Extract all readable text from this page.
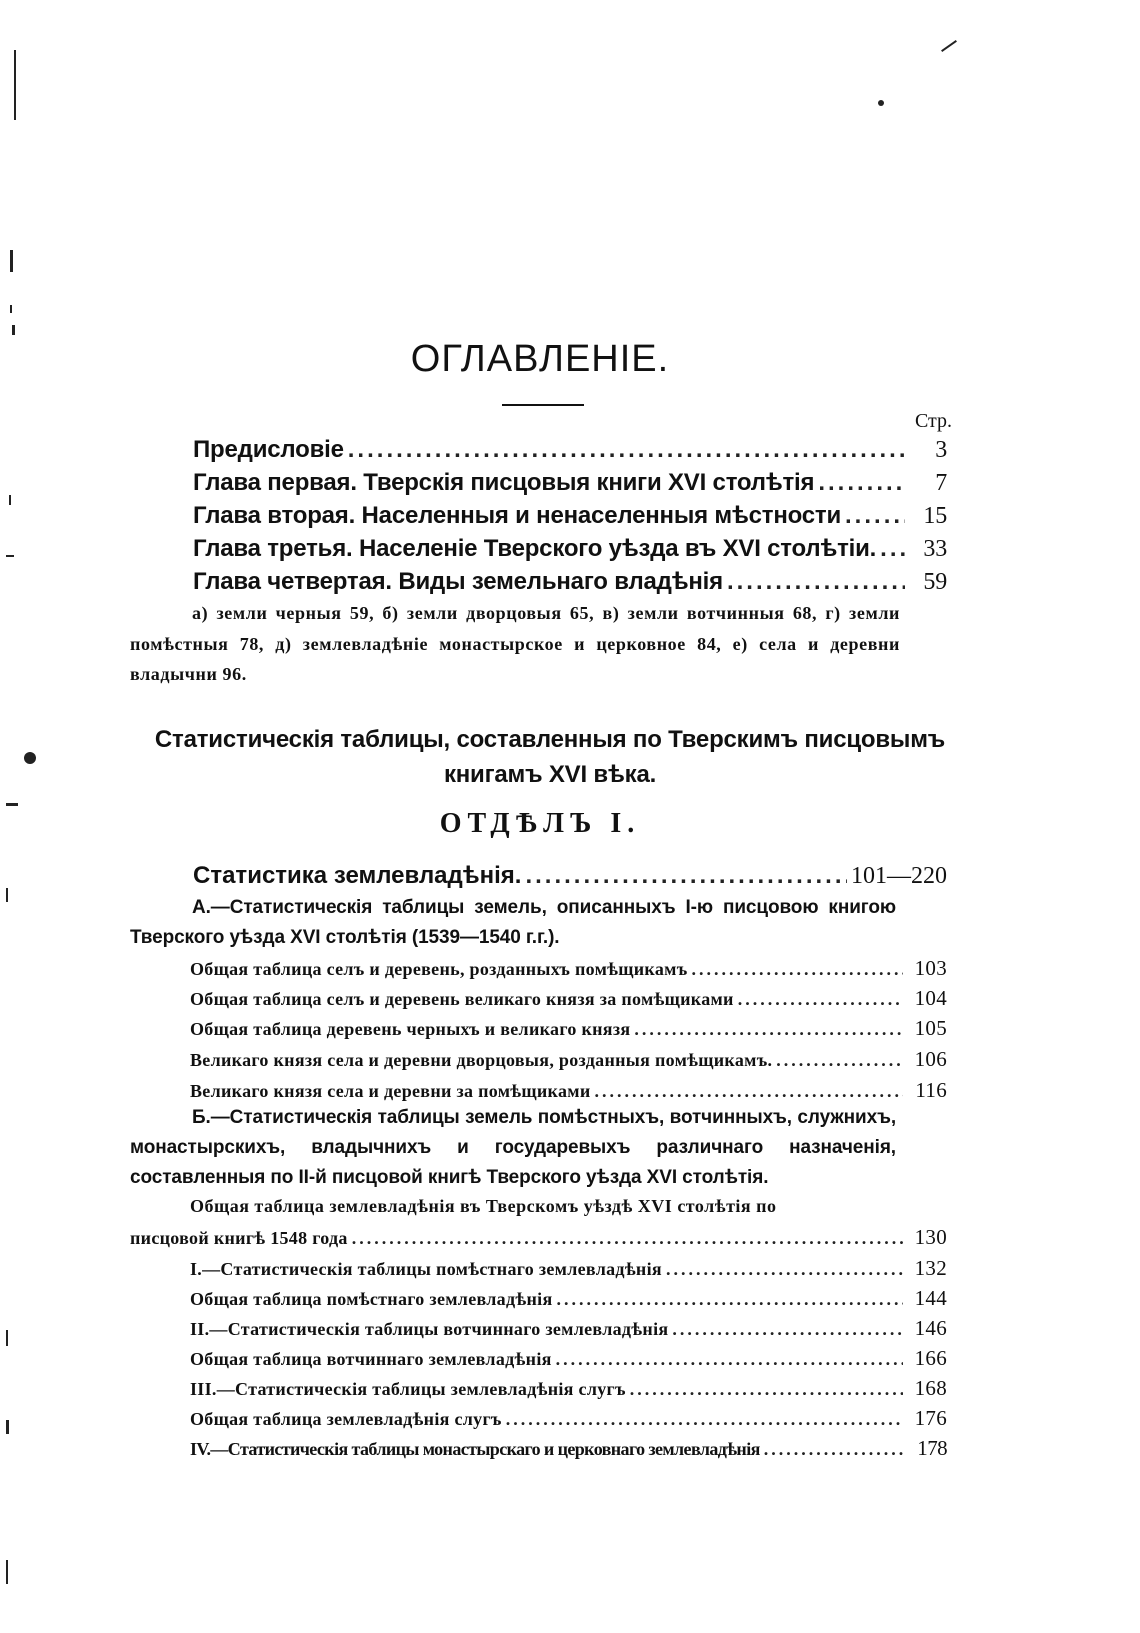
ОГЛАВЛЕНІЕ.
Стр.
Предисловіе .....	3
Глава первая. Тверскія писцовыя книги XVI столѣтія .....	7
Глава вторая. Населенныя и ненаселенныя мѣстности .....	15
Глава третья. Населеніе Тверского уѣзда въ XVI столѣтіи. .....	33
Глава четвертая. Виды земельнаго владѣнія .....	59
а) земли черныя 59, б) земли дворцовыя 65, в) земли вотчинныя 68, г) земли помѣстныя 78, д) землевладѣніе монастырское и церковное 84, е) села и деревни владычни 96.
Статистическія таблицы, составленныя по Тверскимъ писцовымъ книгамъ XVI вѣка.
ОТДѢЛЪ I.
Статистика землевладѣнія. .....	101—220
А.—Статистическія таблицы земель, описанныхъ I-ю писцовою книгою Тверского уѣзда XVI столѣтія (1539—1540 г.г.).
Общая таблица селъ и деревень, розданныхъ помѣщикамъ .....	103
Общая таблица селъ и деревень великаго князя за помѣщиками .....	104
Общая таблица деревень черныхъ и великаго князя .....	105
Великаго князя села и деревни дворцовыя, розданныя помѣщикамъ. .....	106
Великаго князя села и деревни за помѣщиками .....	116
Б.—Статистическія таблицы земель помѣстныхъ, вотчинныхъ, служнихъ, монастырскихъ, владычнихъ и государевыхъ различнаго назначенія, составленныя по II-й писцовой книгѣ Тверского уѣзда XVI столѣтія.
Общая таблица землевладѣнія въ Тверскомъ уѣздѣ XVI столѣтія по
писцовой книгѣ 1548 года .....	130
I.—Статистическія таблицы помѣстнаго землевладѣнія .....	132
Общая таблица помѣстнаго землевладѣнія .....	144
II.—Статистическія таблицы вотчиннаго землевладѣнія .....	146
Общая таблица вотчиннаго землевладѣнія .....	166
III.—Статистическія таблицы землевладѣнія слугъ .....	168
Общая таблица землевладѣнія слугъ .....	176
IV.—Статистическія таблицы монастырскаго и церковнаго землевладѣнія .....	178
